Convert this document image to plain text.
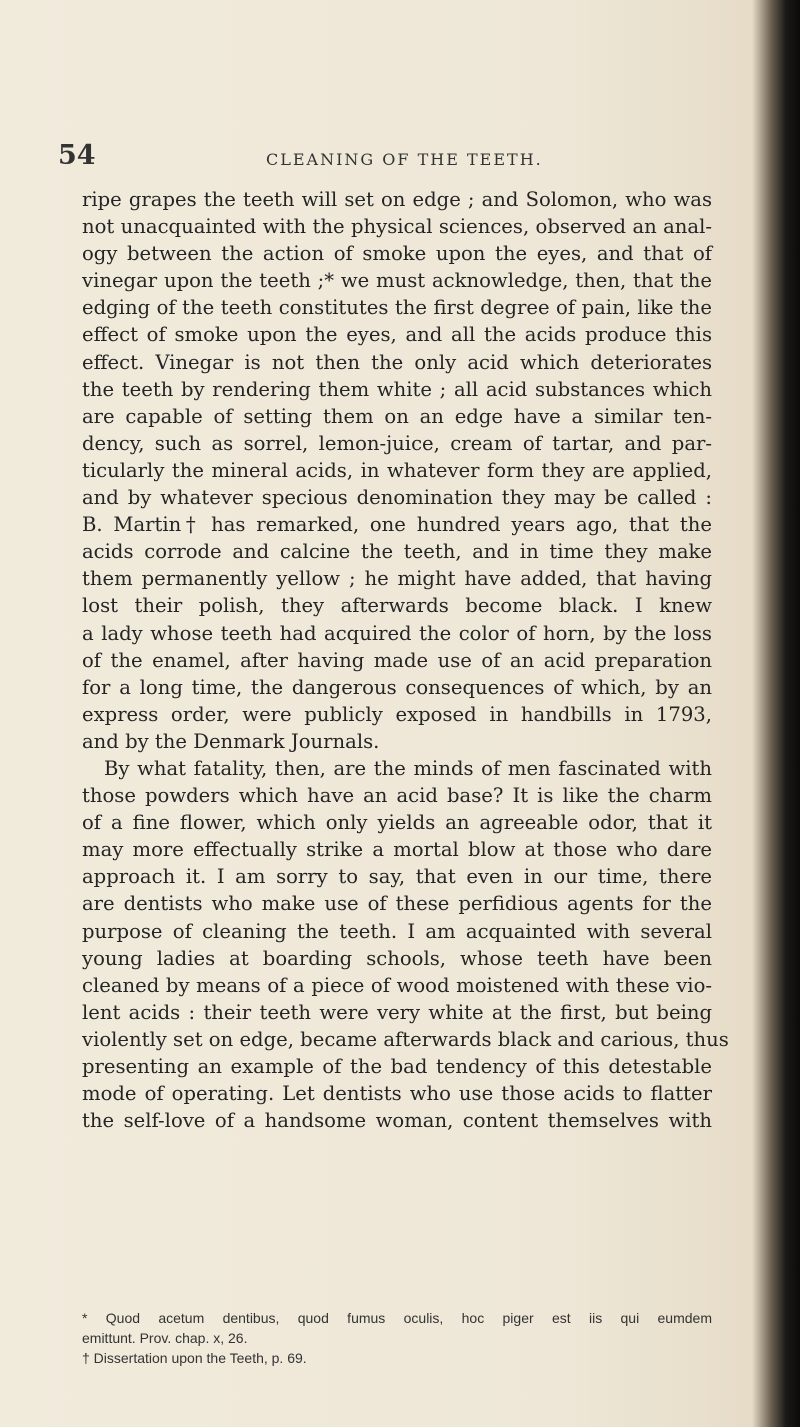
54	CLEANING OF THE TEETH.
ripe grapes the teeth will set on edge ; and Solomon, who was
not unacquainted with the physical sciences, observed an anal-
ogy between the action of smoke upon the eyes, and that of
vinegar upon the teeth ;* we must acknowledge, then, that the
edging of the teeth constitutes the first degree of pain, like the
effect of smoke upon the eyes, and all the acids produce this
effect. Vinegar is not then the only acid which deteriorates
the teeth by rendering them white ; all acid substances which
are capable of setting them on an edge have a similar ten-
dency, such as sorrel, lemon-juice, cream of tartar, and par-
ticularly the mineral acids, in whatever form they are applied,
and by whatever specious denomination they may be called :
B. Martin† has remarked, one hundred years ago, that the
acids corrode and calcine the teeth, and in time they make
them permanently yellow ; he might have added, that having
lost their polish, they afterwards become black. I knew
a lady whose teeth had acquired the color of horn, by the loss
of the enamel, after having made use of an acid preparation
for a long time, the dangerous consequences of which, by an
express order, were publicly exposed in handbills in 1793,
and by the Denmark Journals.
By what fatality, then, are the minds of men fascinated with
those powders which have an acid base? It is like the charm
of a fine flower, which only yields an agreeable odor, that it
may more effectually strike a mortal blow at those who dare
approach it. I am sorry to say, that even in our time, there
are dentists who make use of these perfidious agents for the
purpose of cleaning the teeth. I am acquainted with several
young ladies at boarding schools, whose teeth have been
cleaned by means of a piece of wood moistened with these vio-
lent acids : their teeth were very white at the first, but being
violently set on edge, became afterwards black and carious, thus
presenting an example of the bad tendency of this detestable
mode of operating. Let dentists who use those acids to flatter
the self-love of a handsome woman, content themselves with
* Quod acetum dentibus, quod fumus oculis, hoc piger est iis qui eumdem
emittunt. Prov. chap. x, 26.
† Dissertation upon the Teeth, p. 69.
